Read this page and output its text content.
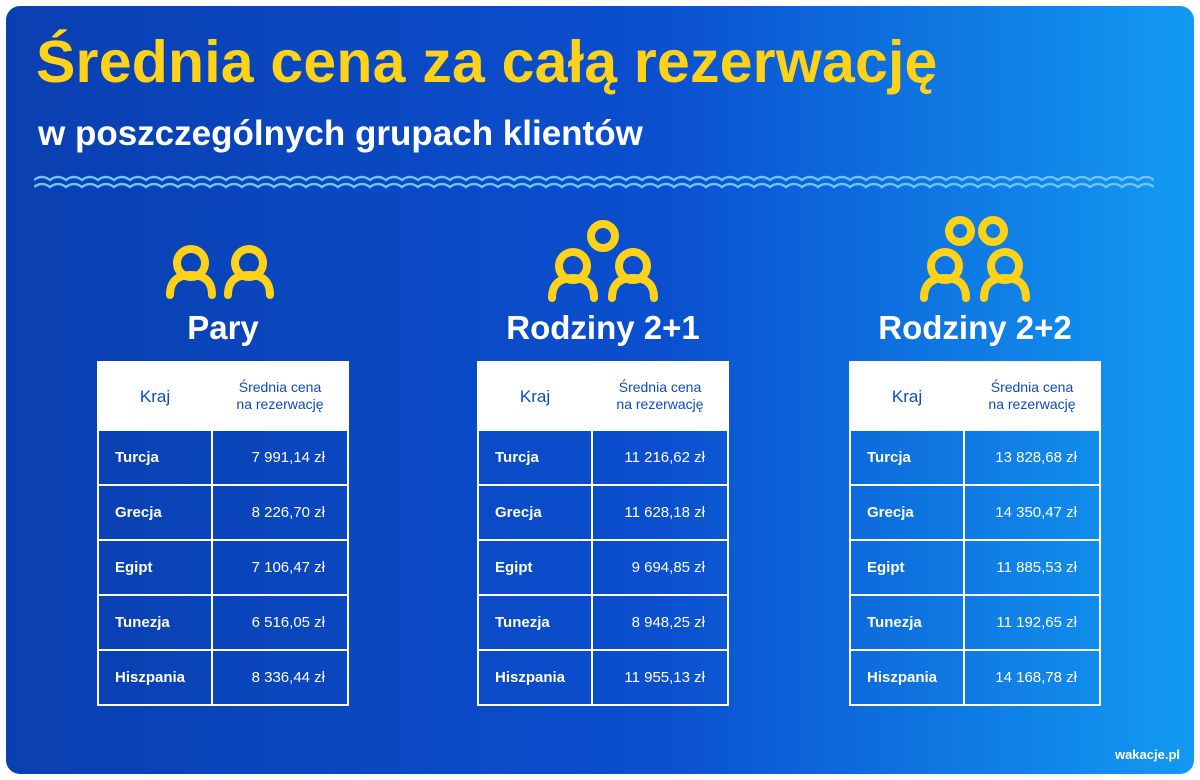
Średnia cena za całą rezerwację
w poszczególnych grupach klientów
Pary
Kraj	Średnia cena
na rezerwację
Turcja	7 991,14 zł
Grecja	8 226,70 zł
Egipt	7 106,47 zł
Tunezja	6 516,05 zł
Hiszpania	8 336,44 zł
Rodziny 2+1
Kraj	Średnia cena
na rezerwację
Turcja	11 216,62 zł
Grecja	11 628,18 zł
Egipt	9 694,85 zł
Tunezja	8 948,25 zł
Hiszpania	11 955,13 zł
Rodziny 2+2
Kraj	Średnia cena
na rezerwację
Turcja	13 828,68 zł
Grecja	14 350,47 zł
Egipt	11 885,53 zł
Tunezja	11 192,65 zł
Hiszpania	14 168,78 zł
wakacje.pl
